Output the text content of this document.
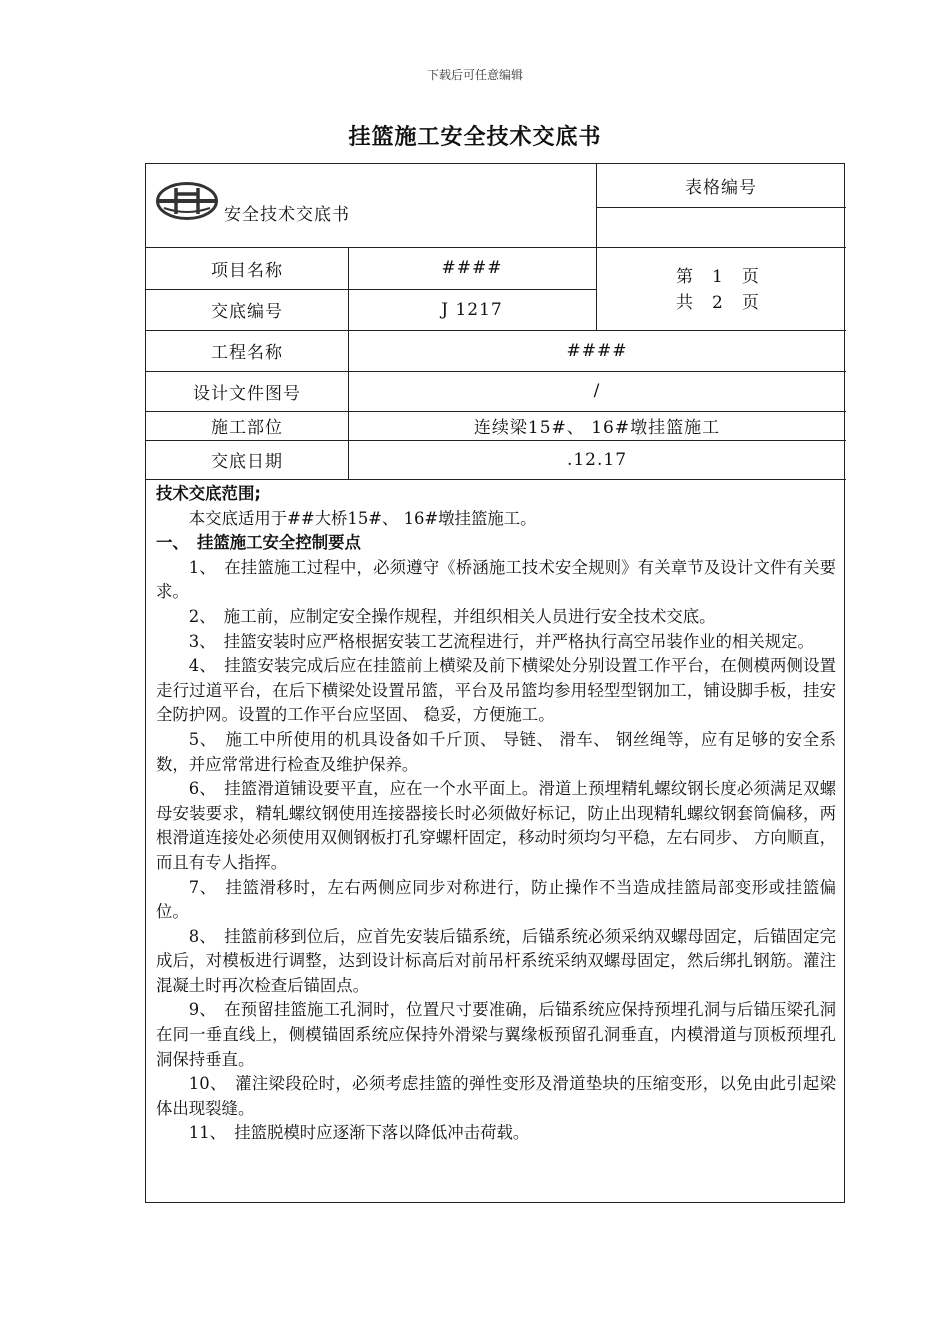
下载后可任意编辑
挂篮施工安全技术交底书
安全技术交底书
表格编号
项目名称	####	第　1　页
共　2　页
交底编号	J 1217
工程名称	####
设计文件图号	/
施工部位	连续梁15#、 16#墩挂篮施工
交底日期	.12.17

技术交底范围;

本交底适用于##大桥15#、 16#墩挂篮施工。

一、　挂篮施工安全控制要点

1、　在挂篮施工过程中，必须遵守《桥涵施工技术安全规则》有关章节及设计文件有关要求。

2、　施工前，应制定安全操作规程，并组织相关人员进行安全技术交底。

3、　挂篮安装时应严格根据安装工艺流程进行，并严格执行高空吊装作业的相关规定。

4、　挂篮安装完成后应在挂篮前上横梁及前下横梁处分别设置工作平台，在侧模两侧设置走行过道平台，在后下横梁处设置吊篮，平台及吊篮均参用轻型型钢加工，铺设脚手板，挂安全防护网。设置的工作平台应坚固、 稳妥，方便施工。

5、　施工中所使用的机具设备如千斤顶、 导链、 滑车、 钢丝绳等，应有足够的安全系数，并应常常进行检查及维护保养。

6、　挂篮滑道铺设要平直，应在一个水平面上。滑道上预埋精轧螺纹钢长度必须满足双螺母安装要求，精轧螺纹钢使用连接器接长时必须做好标记，防止出现精轧螺纹钢套筒偏移，两根滑道连接处必须使用双侧钢板打孔穿螺杆固定，移动时须均匀平稳，左右同步、 方向顺直，而且有专人指挥。

7、　挂篮滑移时，左右两侧应同步对称进行，防止操作不当造成挂篮局部变形或挂篮偏位。

8、　挂篮前移到位后，应首先安装后锚系统，后锚系统必须采纳双螺母固定，后锚固定完成后，对模板进行调整，达到设计标高后对前吊杆系统采纳双螺母固定，然后绑扎钢筋。灌注混凝土时再次检查后锚固点。

9、　在预留挂篮施工孔洞时，位置尺寸要准确，后锚系统应保持预埋孔洞与后锚压梁孔洞在同一垂直线上，侧模锚固系统应保持外滑梁与翼缘板预留孔洞垂直，内模滑道与顶板预埋孔洞保持垂直。

10、　灌注梁段砼时，必须考虑挂篮的弹性变形及滑道垫块的压缩变形，以免由此引起梁体出现裂缝。

11、　挂篮脱模时应逐渐下落以降低冲击荷载。
